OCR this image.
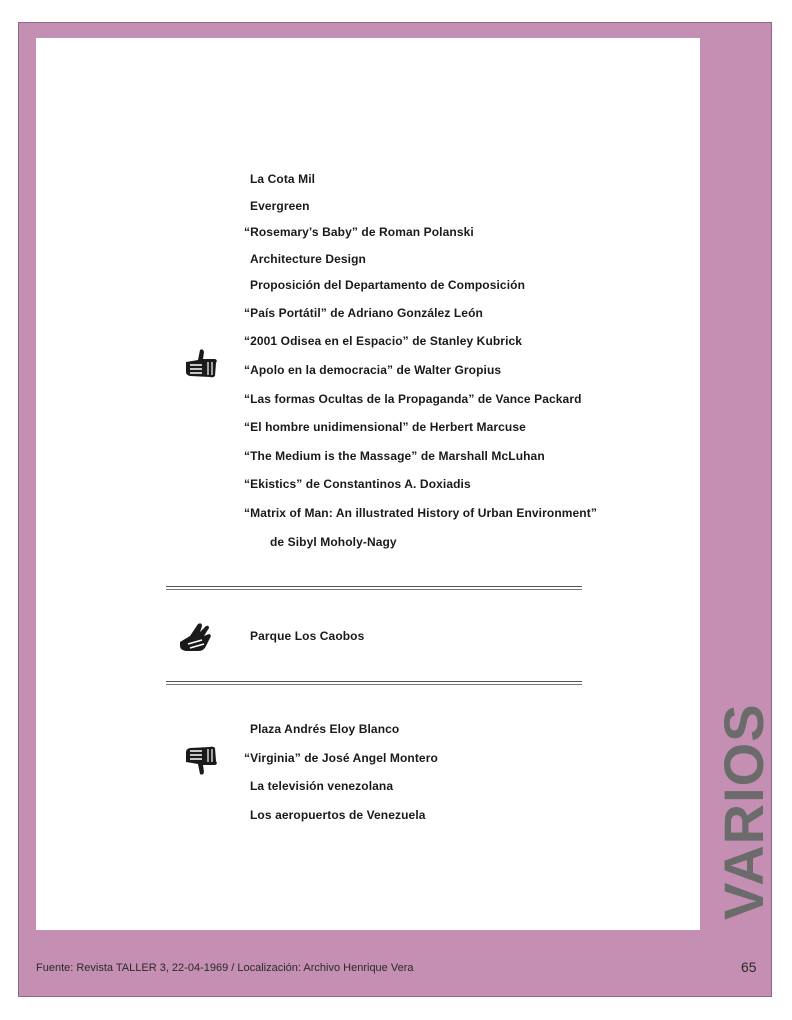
La Cota Mil
Evergreen
“Rosemary’s Baby” de Roman Polanski
Architecture Design
Proposición del Departamento de Composición
“País Portátil” de Adriano González León
“2001 Odisea en el Espacio” de Stanley Kubrick
“Apolo en la democracia” de Walter Gropius
“Las formas Ocultas de la Propaganda” de Vance Packard
“El hombre unidimensional” de Herbert Marcuse
“The Medium is the Massage” de Marshall McLuhan
“Ekistics” de Constantinos A. Doxiadis
“Matrix of Man: An illustrated History of Urban Environment”
de Sibyl Moholy-Nagy
Parque Los Caobos
Plaza Andrés Eloy Blanco
“Virginia” de José Angel Montero
La televisión venezolana
Los aeropuertos de Venezuela	VARIOS
Fuente: Revista TALLER 3, 22-04-1969 / Localización: Archivo Henrique Vera	65
